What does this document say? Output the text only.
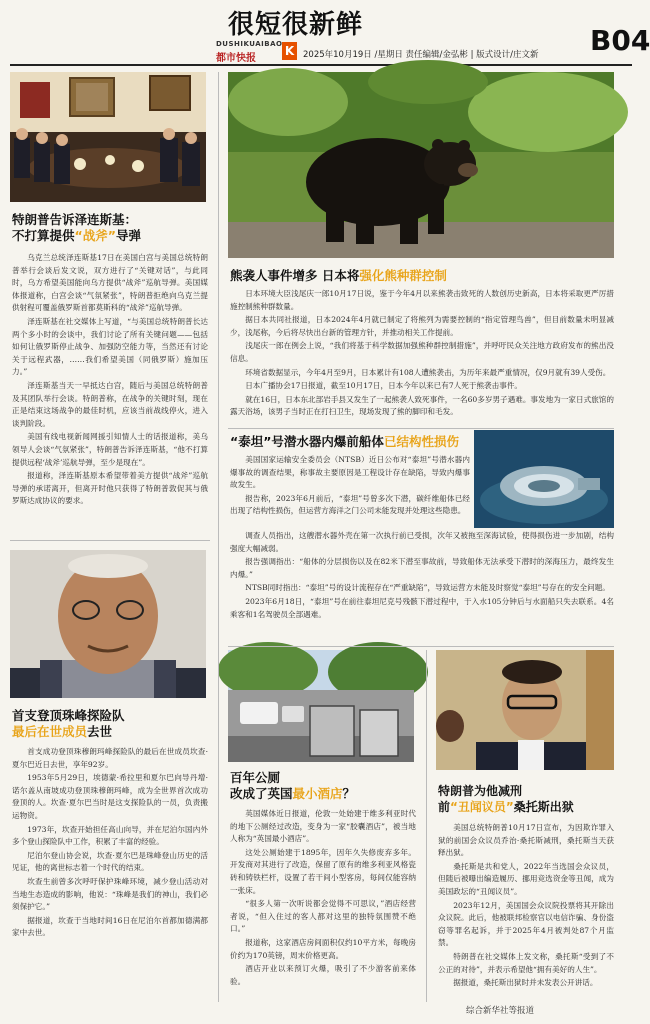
很短很新鲜
DUSHIKUAIBAO
都市快报
K	2025年10月19日 /星期日 责任编辑/金弘彬 | 版式设计/庄文新 B04
特朗普告诉泽连斯基：
不打算提供“战斧”导弹

乌克兰总统泽连斯基17日在美国白宫与美国总统特朗普举行会谈后发文说，双方进行了“关键对话”，与此同时，乌方希望美国能向乌方提供“战斧”巡航导弹。美国媒体报道称，白宫会谈“气氛紧张”，特朗普拒绝向乌克兰提供射程可覆盖俄罗斯首都莫斯科的“战斧”巡航导弹。

泽连斯基在社交媒体上写道，“与美国总统特朗普长达两个多小时的会谈中，我们讨论了所有关键问题——包括如何让俄罗斯停止战争、加强防空能力等，当然还有讨论关于远程武器，……我们希望美国（同俄罗斯）施加压力。”

泽连斯基当天一早抵达白宫，随后与美国总统特朗普及其团队举行会谈。特朗普称，在战争的关键时刻，现在正是结束这场战争的最佳时机，应该当前战线停火，进入谈判阶段。

美国有线电视新闻网援引知情人士的话报道称，美乌领导人会谈“气氛紧张”，特朗普告诉泽连斯基，“他不打算提供远程‘战斧’巡航导弹，至少是现在”。

报道称，泽连斯基原本希望带着美方提供“战斧”巡航导弹的承诺离开，但离开时他只获得了特朗普敦促其与俄罗斯达成协议的要求。

熊袭人事件增多 日本将强化熊种群控制

日本环境大臣浅尾庆一郎10月17日说，鉴于今年4月以来熊袭击致死的人数创历史新高，日本将采取更严厉措施控制熊种群数量。

据日本共同社报道，日本2024年4月就已制定了将熊列为需要控制的“指定管理鸟兽”，但目前数量未明显减少，浅尾称，今后将尽快出台新的管理方针，并推动相关工作提前。

浅尾庆一郎在例会上说，“我们将基于科学数据加强熊种群控制措施”，并呼吁民众关注地方政府发布的熊出没信息。

环境省数据显示，今年4月至9月，日本累计有108人遭熊袭击，为历年来最严重情况，仅9月就有39人受伤。

日本广播协会17日报道，截至10月17日，日本今年以来已有7人死于熊袭击事件。

就在16日，日本东北部岩手县又发生了一起熊袭人致死事件，一名60多岁男子遇难。事发地为一家日式旅馆的露天浴场，该男子当时正在打扫卫生，现场发现了熊的脚印和毛发。

“泰坦”号潜水器内爆前船体已结构性损伤

美国国家运输安全委员会（NTSB）近日公布对“泰坦”号潜水器内爆事故的调查结果，称事故主要原因是工程设计存在缺陷，导致内爆事故发生。

报告称，2023年6月前后，“泰坦”号曾多次下潜，碳纤维船体已经出现了结构性损伤，但运营方海洋之门公司未能发现并处理这些隐患。

调查人员指出，这艘潜水器外壳在第一次执行前已受损，次年又被拖至深海试验，使得损伤进一步加剧，结构强度大幅减弱。

报告强调指出：“船体的分层损伤以及在82米下潜至事故前，导致船体无法承受下潜时的深海压力，最终发生内爆。”

NTSB同时指出：“泰坦”号的设计流程存在“严重缺陷”，导致运营方未能及时察觉“泰坦”号存在的安全问题。

2023年6月18日，“泰坦”号在前往泰坦尼克号残骸下潜过程中，于入水105分钟后与水面船只失去联系。4名乘客和1名驾驶员全部遇难。

首支登顶珠峰探险队
最后在世成员去世

首支成功登顶珠穆朗玛峰探险队的最后在世成员坎查·夏尔巴近日去世，享年92岁。

1953年5月29日，埃德蒙·希拉里和夏尔巴向导丹增·诺尔盖从南坡成功登顶珠穆朗玛峰，成为全世界首次成功登顶的人。坎查·夏尔巴当时是这支探险队的一员，负责搬运物资。

1973年，坎查开始担任高山向导，并在尼泊尔国内外多个登山探险队中工作，积累了丰富的经验。

尼泊尔登山协会说，坎查·夏尔巴是珠峰登山历史的活见证，他的离世标志着一个时代的结束。

坎查生前曾多次呼吁保护珠峰环境，减少登山活动对当地生态造成的影响，他说：“珠峰是我们的神山，我们必须保护它。”

据报道，坎查于当地时间16日在尼泊尔首都加德满都家中去世。

百年公厕
改成了英国最小酒店？

英国媒体近日报道，伦敦一处始建于维多利亚时代的地下公厕经过改造，变身为一家“胶囊酒店”，被当地人称为“英国最小酒店”。

这处公厕始建于1895年，因年久失修废弃多年。开发商对其进行了改造，保留了原有的维多利亚风格瓷砖和铸铁栏杆，设置了若干间小型客房，每间仅能容纳一张床。

“很多人第一次听说都会觉得不可思议，”酒店经营者说，“但入住过的客人都对这里的独特氛围赞不绝口。”

报道称，这家酒店房间面积仅约10平方米，每晚房价约为170英镑，周末价格更高。

酒店开业以来预订火爆，吸引了不少游客前来体验。

特朗普为他减刑
前“丑闻议员”桑托斯出狱

美国总统特朗普10月17日宣布，为因欺诈罪入狱的前国会众议员乔治·桑托斯减刑，桑托斯当天获释出狱。

桑托斯是共和党人，2022年当选国会众议员，但随后被曝出编造履历、挪用竞选资金等丑闻，成为美国政坛的“丑闻议员”。

2023年12月，美国国会众议院投票将其开除出众议院。此后，他被联邦检察官以电信诈骗、身份盗窃等罪名起诉，并于2025年4月被判处87个月监禁。

特朗普在社交媒体上发文称，桑托斯“受到了不公正的对待”，并表示希望他“拥有美好的人生”。

据报道，桑托斯出狱时并未发表公开讲话。

综合新华社等报道
